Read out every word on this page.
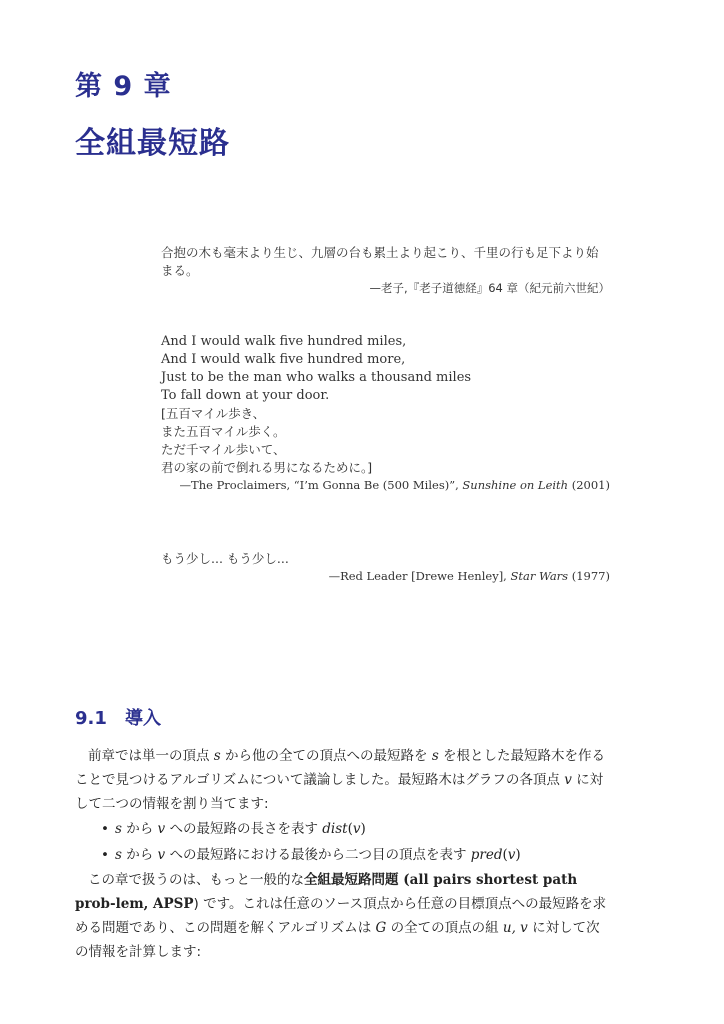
第 9 章
全組最短路
合抱の木も毫末より生じ、九層の台も累土より起こり、千里の行も足下より始まる。
—老子,『老子道徳経』64 章（紀元前六世紀）
And I would walk five hundred miles,
And I would walk five hundred more,
Just to be the man who walks a thousand miles
To fall down at your door.
[五百マイル歩き、
また五百マイル歩く。
ただ千マイル歩いて、
君の家の前で倒れる男になるために。]
—The Proclaimers, “I’m Gonna Be (500 Miles)”, Sunshine on Leith (2001)
もう少し... もう少し...
—Red Leader [Drewe Henley], Star Wars (1977)
9.1 導入

前章では単一の頂点 s から他の全ての頂点への最短路を s を根とした最短路木を作ることで見つけるアルゴリズムについて議論しました。最短路木はグラフの各頂点 v に対して二つの情報を割り当てます:

• s から v への最短路の長さを表す dist(v)
• s から v への最短路における最後から二つ目の頂点を表す pred(v)

この章で扱うのは、もっと一般的な全組最短路問題 (all pairs shortest path prob-lem, APSP) です。これは任意のソース頂点から任意の目標頂点への最短路を求める問題であり、この問題を解くアルゴリズムは G の全ての頂点の組 u, v に対して次の情報を計算します:
